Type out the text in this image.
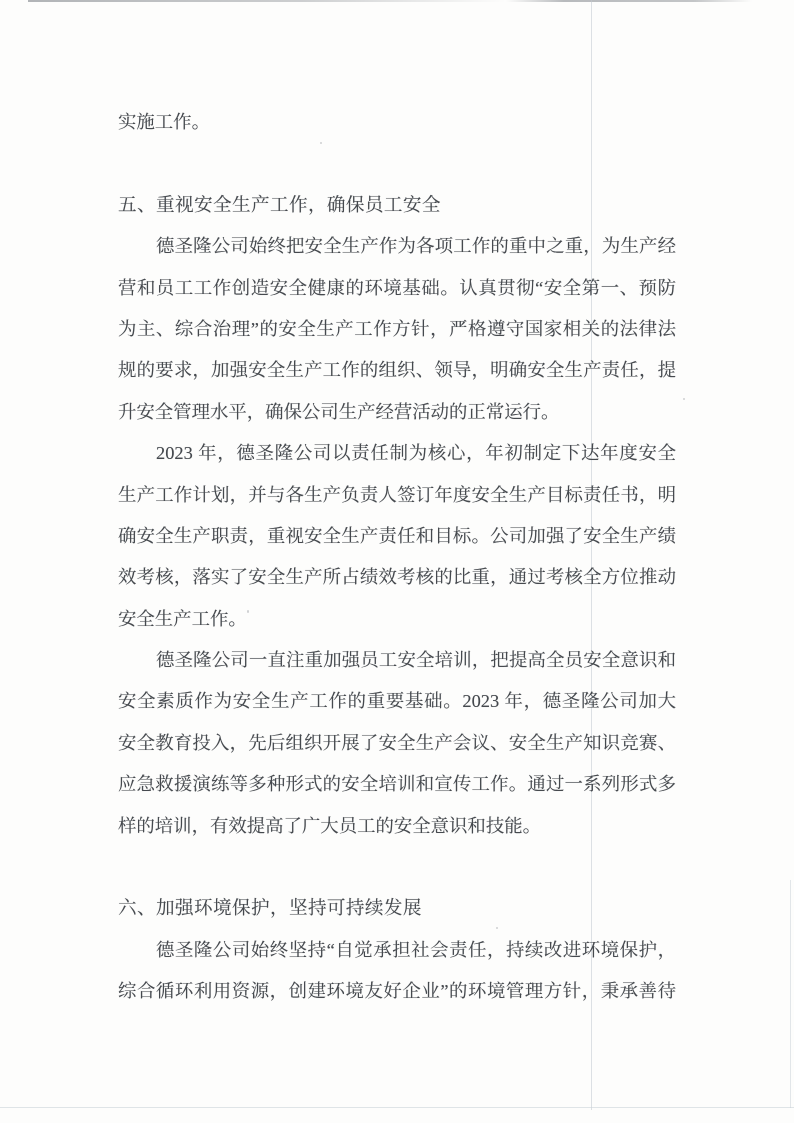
实施工作。

五、重视安全生产工作，确保员工安全

德圣隆公司始终把安全生产作为各项工作的重中之重，为生产经

营和员工工作创造安全健康的环境基础。认真贯彻“安全第一、预防

为主、综合治理”的安全生产工作方针，严格遵守国家相关的法律法

规的要求，加强安全生产工作的组织、领导，明确安全生产责任，提

升安全管理水平，确保公司生产经营活动的正常运行。

2023 年，德圣隆公司以责任制为核心，年初制定下达年度安全

生产工作计划，并与各生产负责人签订年度安全生产目标责任书，明

确安全生产职责，重视安全生产责任和目标。公司加强了安全生产绩

效考核，落实了安全生产所占绩效考核的比重，通过考核全方位推动

安全生产工作。

德圣隆公司一直注重加强员工安全培训，把提高全员安全意识和

安全素质作为安全生产工作的重要基础。2023 年，德圣隆公司加大

安全教育投入，先后组织开展了安全生产会议、安全生产知识竞赛、

应急救援演练等多种形式的安全培训和宣传工作。通过一系列形式多

样的培训，有效提高了广大员工的安全意识和技能。

六、加强环境保护，坚持可持续发展

德圣隆公司始终坚持“自觉承担社会责任，持续改进环境保护，

综合循环利用资源，创建环境友好企业”的环境管理方针，秉承善待
